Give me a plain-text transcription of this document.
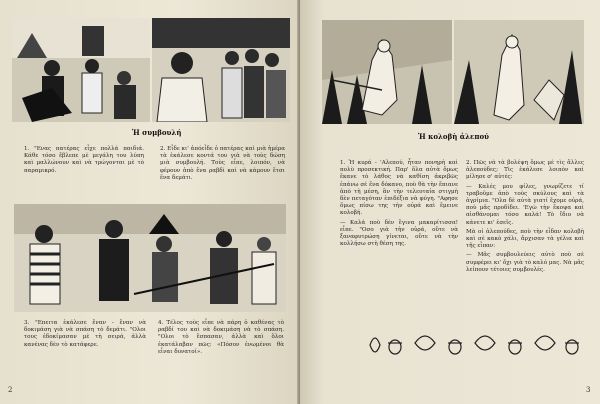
Ἡ συμβουλή

1. "Ενας πατέρας εἶχε πολλά παιδιά. Κάθε τόσο ἔβλεπε μὲ μεγάλη του λύπη καὶ μαλλώνουν καὶ νὰ τρώγονται μὲ τὸ παραμικρό.

2. Εἶδε κι' ἀπόεἶδε ὁ πατέρας καὶ μιὰ ἡμέρα τὰ ἐκάλεσε κοντά του γιὰ νὰ τοὺς δώση μιὰ συμβουλή. Τοὺς εἶπε, λοιπόν, νὰ φέρουν ἀπὸ ἕνα ραβδὶ καὶ νὰ κάμουν ἔτσι ἕνα δεμάτι.

3. "Επειτα ἐκάλεσε ἕναν - ἕναν νὰ δοκιμάση γιὰ νὰ σπάση τὸ δεμάτι. "Ολοι τους ἐδοκίμασαν μὲ τὴ σειρά, ἀλλὰ κανένας δὲν τὸ κατάφερε.

4. Τέλος τοὺς εἶπε νὰ πάρη ὁ καθένας τὸ ραβδί του καὶ νὰ δοκιμάση νὰ τὸ σπάση. "Ολοι τὸ ἔσπασαν, ἀλλὰ καὶ ὅλοι ἐκατάλαβαν πῶς: «Πόσον ἑνωμένοι θὰ εἶναι δυνατοί».

2
Ἡ κολοβὴ ἀλεπού

1. Ἡ κυρά - 'Αλεπού, ἦταν πονηρὴ καὶ πολὺ προσεκτική. Παρ' ὅλα αὐτὰ ὅμως ἔκανε τὸ λάθος νὰ καθίση ἀκριβῶς ἐπάνω σὲ ἕνα δόκανο, ποὺ θὰ τὴν ἔπιανε ἀπὸ τὴ μέση, ἂν τὴν τελευταία στιγμὴ δὲν πεταγόταν ἐπιδέξια νὰ φύγη. "Αφησε ὅμως πίσω της τὴν οὐρά καὶ ἔμεινε κολοβή.

— Καλά ποὺ δὲν ἔγινα μακαρίτισσα! εἶπε. "Οσο γιὰ τὴν οὐρά, οὔτε νὰ ξαναφυτρώση γίνεται, οὔτε νὰ τὴν κολλήσω στὴ θέση της.

2. Πῶς νὰ τὰ βολέψη ὅμως μὲ τὶς ἄλλες ἀλεπούδες; Τὶς ἐκάλεσε λοιπὸν καὶ μίλησε σ' αὐτές:

— Καλές μου φίλες, γνωρίζετε τί τραβοῦμε ἀπὸ τοὺς σκύλους καὶ τὰ ἀγρίμια. "Ολα δὲ αὐτὰ γιατί ἔχομε οὐρά, ποὺ μᾶς προδίδει. 'Εγὼ τὴν ἔκοψα καὶ αἰσθάνομαι τόσο καλά! Τὸ ἴδιο νὰ κάνετε κι' ἐσεῖς.

Μὰ οἱ ἀλεπούδες, ποὺ τὴν εἶδαν κολοβὴ καὶ σὲ κακὸ χάλι, ἄρχισαν τὰ γέλια καὶ τῆς εἶπαν:

— Μᾶς συμβουλεύεις αὐτὸ ποὺ σὲ συμφέρει κι' ὄχι γιὰ τὸ καλό μας. Νὰ μᾶς λείπουν τέτοιες συμβουλές.

3
